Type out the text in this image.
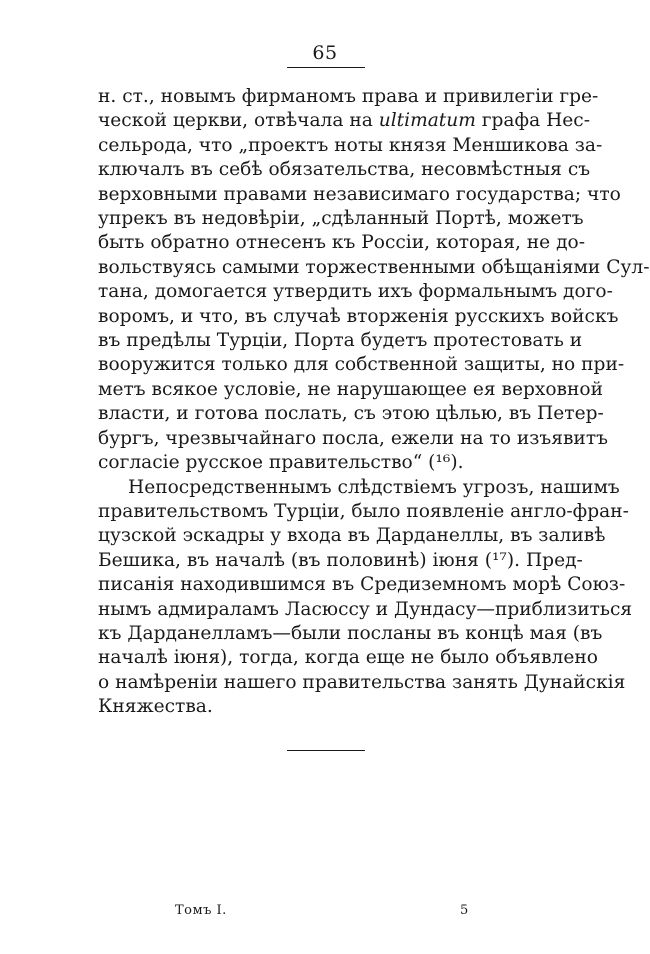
65
н. ст., новымъ фирманомъ права и привилегіи гре-
ческой церкви, отвѣчала на ultimatum графа Нес-
сельрода, что „проектъ ноты князя Меншикова за-
ключалъ въ себѣ обязательства, несовмѣстныя съ
верховными правами независимаго государства; что
упрекъ въ недовѣріи, „сдѣланный Портѣ, можетъ
быть обратно отнесенъ къ Россіи, которая, не до-
вольствуясь самыми торжественными обѣщаніями Сул-
тана, домогается утвердить ихъ формальнымъ дого-
воромъ, и что, въ случаѣ вторженія русскихъ войскъ
въ предѣлы Турціи, Порта будетъ протестовать и
вооружится только для собственной защиты, но при-
метъ всякое условіе, не нарушающее ея верховной
власти, и готова послать, съ этою цѣлью, въ Петер-
бургъ, чрезвычайнаго посла, ежели на то изъявитъ
согласіе русское правительство“ (¹⁶).
Непосредственнымъ слѣдствіемъ угрозъ, нашимъ
правительствомъ Турціи, было появленіе англо-фран-
цузской эскадры у входа въ Дарданеллы, въ заливѣ
Бешика, въ началѣ (въ половинѣ) іюня (¹⁷). Пред-
писанія находившимся въ Средиземномъ морѣ Союз-
нымъ адмираламъ Ласюссу и Дундасу—приблизиться
къ Дарданелламъ—были посланы въ концѣ мая (въ
началѣ іюня), тогда, когда еще не было объявлено
о намѣреніи нашего правительства занять Дунайскія
Княжества.
Томъ I.	5
